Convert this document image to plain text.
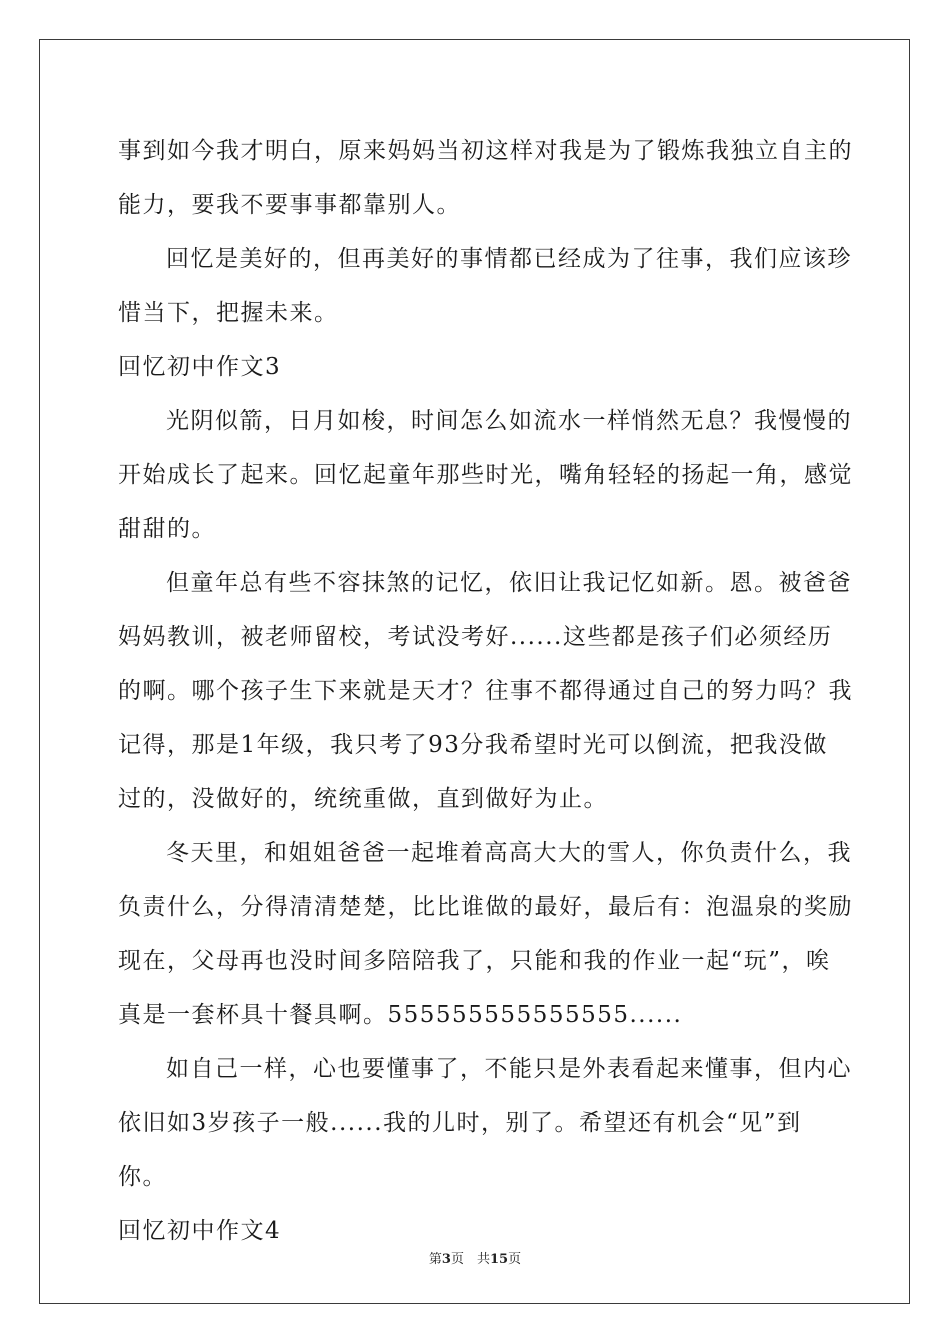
事到如今我才明白，原来妈妈当初这样对我是为了锻炼我独立自主的
能力，要我不要事事都靠别人。
回忆是美好的，但再美好的事情都已经成为了往事，我们应该珍
惜当下，把握未来。
回忆初中作文3
光阴似箭，日月如梭，时间怎么如流水一样悄然无息？我慢慢的
开始成长了起来。回忆起童年那些时光，嘴角轻轻的扬起一角，感觉
甜甜的。
但童年总有些不容抹煞的记忆，依旧让我记忆如新。恩。被爸爸
妈妈教训，被老师留校，考试没考好......这些都是孩子们必须经历
的啊。哪个孩子生下来就是天才？往事不都得通过自己的努力吗？我
记得，那是1年级，我只考了93分我希望时光可以倒流，把我没做
过的，没做好的，统统重做，直到做好为止。
冬天里，和姐姐爸爸一起堆着高高大大的雪人，你负责什么，我
负责什么，分得清清楚楚，比比谁做的最好，最后有：泡温泉的奖励
现在，父母再也没时间多陪陪我了，只能和我的作业一起“玩”，唉
真是一套杯具十餐具啊。555555555555555......
如自己一样，心也要懂事了，不能只是外表看起来懂事，但内心
依旧如3岁孩子一般......我的儿时，别了。希望还有机会“见”到
你。
回忆初中作文4
第3页　共15页
